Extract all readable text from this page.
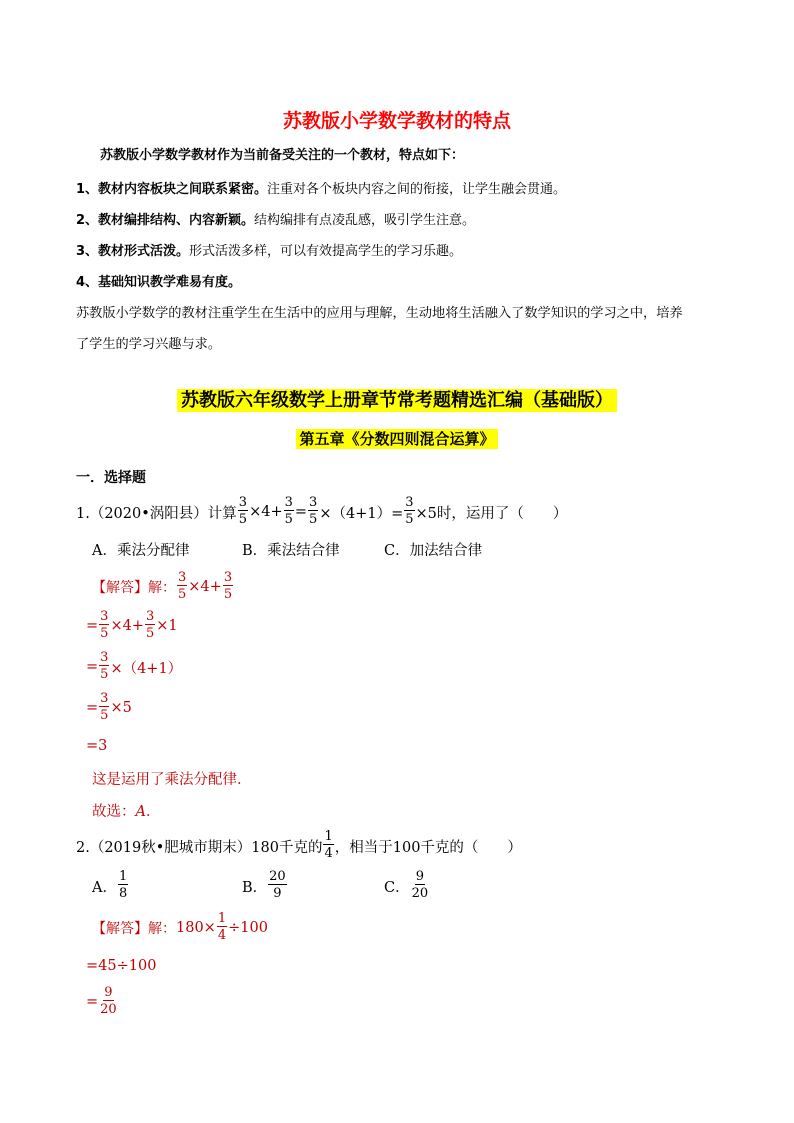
苏教版小学数学教材的特点
苏教版小学数学教材作为当前备受关注的一个教材，特点如下：
1、教材内容板块之间联系紧密。注重对各个板块内容之间的衔接，让学生融会贯通。
2、教材编排结构、内容新颖。结构编排有点凌乱感，吸引学生注意。
3、教材形式活泼。形式活泼多样，可以有效提高学生的学习乐趣。
4、基础知识教学难易有度。
苏教版小学数学的教材注重学生在生活中的应用与理解，生动地将生活融入了数学知识的学习之中，培养
了学生的学习兴趣与求。
苏教版六年级数学上册章节常考题精选汇编（基础版）
第五章《分数四则混合运算》
一．选择题
1.（2020•涡阳县）计算 $\frac{3}{5} \times 4+ \frac{3}{5} = \frac{3}{5} \times(4+1)= \frac{3}{5} \times 5$时，运用了（　　）
A．乘法分配律	B．乘法结合律	C．加法结合律
【解答】 解： $\frac{3}{5} \times 4+ \frac{3}{5}$
= $\frac{3}{5} \times 4+ \frac{3}{5} \times 1$
= $\frac{3}{5} \times(4+1)$
= $\frac{3}{5} \times 5$
=3
这是运用了乘法分配律．
故选：A．
2.（2019秋•肥城市期末）180千克的 $\frac{1}{4}$ ，相当于100千克的（　　）
A． $\frac{1}{8}$	B． $\frac{20}{9}$	C． $\frac{9}{20}$
【解答】 解： $180\times \frac{1}{4} \div 100$
=45÷100
= $\frac{9}{20}$
